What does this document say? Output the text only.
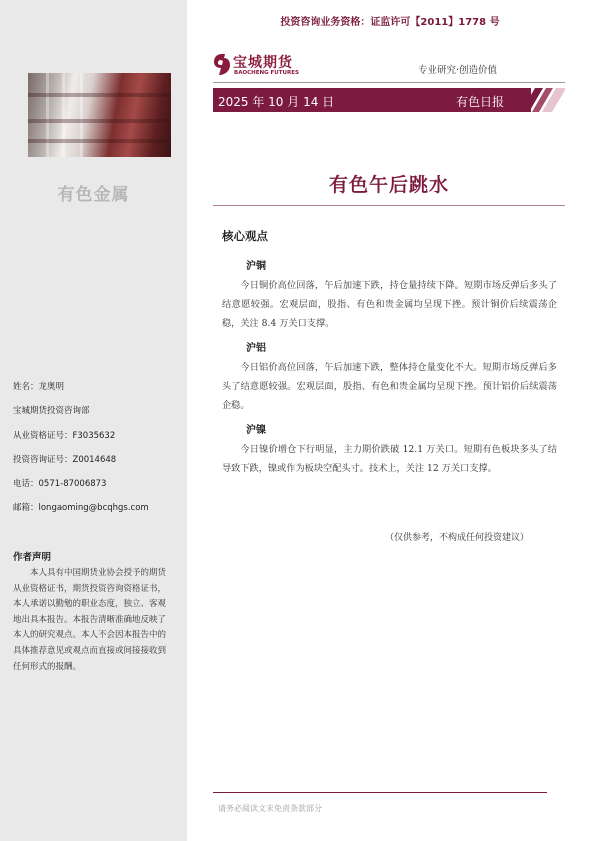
有色金属
姓名：龙奥明
宝城期货投资咨询部
从业资格证号：F3035632
投资咨询证号：Z0014648
电话：0571-87006873
邮箱：longaoming@bcqhgs.com
作者声明
本人具有中国期货业协会授予的期货从业资格证书，期货投资咨询资格证书，本人承诺以勤勉的职业态度，独立、客观地出具本报告。本报告清晰准确地反映了本人的研究观点。本人不会因本报告中的具体推荐意见或观点而直接或间接接收到任何形式的报酬。
投资咨询业务资格：证监许可【2011】1778 号
宝城期货
BAOCHENG FUTURES	专业研究·创造价值
2025 年 10 月 14 日	有色日报
有色午后跳水
核心观点
沪铜
今日铜价高位回落，午后加速下跌，持仓量持续下降。短期市场反弹后多头了结意愿较强。宏观层面，股指、有色和贵金属均呈现下挫。预计铜价后续震荡企稳，关注 8.4 万关口支撑。
沪铝
今日铝价高位回落，午后加速下跌，整体持仓量变化不大。短期市场反弹后多头了结意愿较强。宏观层面，股指、有色和贵金属均呈现下挫。预计铝价后续震荡企稳。
沪镍
今日镍价增仓下行明显，主力期价跌破 12.1 万关口。短期有色板块多头了结导致下跌，镍或作为板块空配头寸。技术上，关注 12 万关口支撑。
（仅供参考，不构成任何投资建议）
请务必阅读文末免责条款部分
